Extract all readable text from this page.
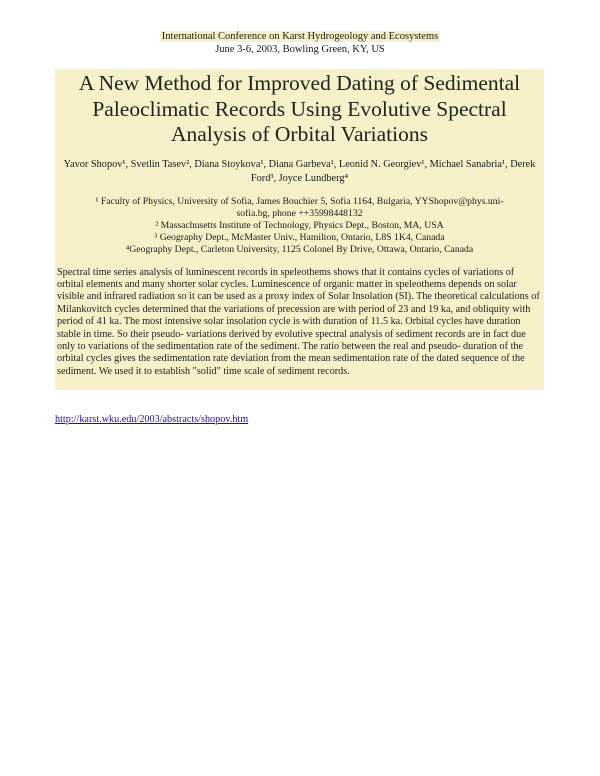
International Conference on Karst Hydrogeology and Ecosystems
June 3-6, 2003, Bowling Green, KY, US
A New Method for Improved Dating of Sedimental Paleoclimatic Records Using Evolutive Spectral Analysis of Orbital Variations
Yavor Shopov¹ , Svetlin Tasev² , Diana Stoykova¹ , Diana Garbeva¹ , Leonid N. Georgiev¹ , Michael Sanabria¹ , Derek Ford³ , Joyce Lundberg⁴
¹ Faculty of Physics, University of Sofia, James Bouchier 5, Sofia 1164, Bulgaria, YYShopov@phys.uni-sofia.bg, phone ++35998448132
² Massachusetts Institute of Technology, Physics Dept., Boston, MA, USA
³ Geography Dept., McMaster Univ., Hamilton, Ontario, L8S 1K4, Canada
⁴Geography Dept., Carleton University, 1125 Colonel By Drive, Ottawa, Ontario, Canada

Spectral time series analysis of luminescent records in speleothems shows that it contains cycles of variations of orbital elements and many shorter solar cycles. Luminescence of organic matter in speleothems depends on solar visible and infrared radiation so it can be used as a proxy index of Solar Insolation (SI). The theoretical calculations of Milankovitch cycles determined that the variations of precession are with period of 23 and 19 ka, and obliquity with period of 41 ka. The most intensive solar insolation cycle is with duration of 11.5 ka. Orbital cycles have duration stable in time. So their pseudo- variations derived by evolutive spectral analysis of sediment records are in fact due only to variations of the sedimentation rate of the sediment. The ratio between the real and pseudo- duration of the orbital cycles gives the sedimentation rate deviation from the mean sedimentation rate of the dated sequence of the sediment. We used it to establish "solid" time scale of sediment records.

http://karst.wku.edu/2003/abstracts/shopov.htm
